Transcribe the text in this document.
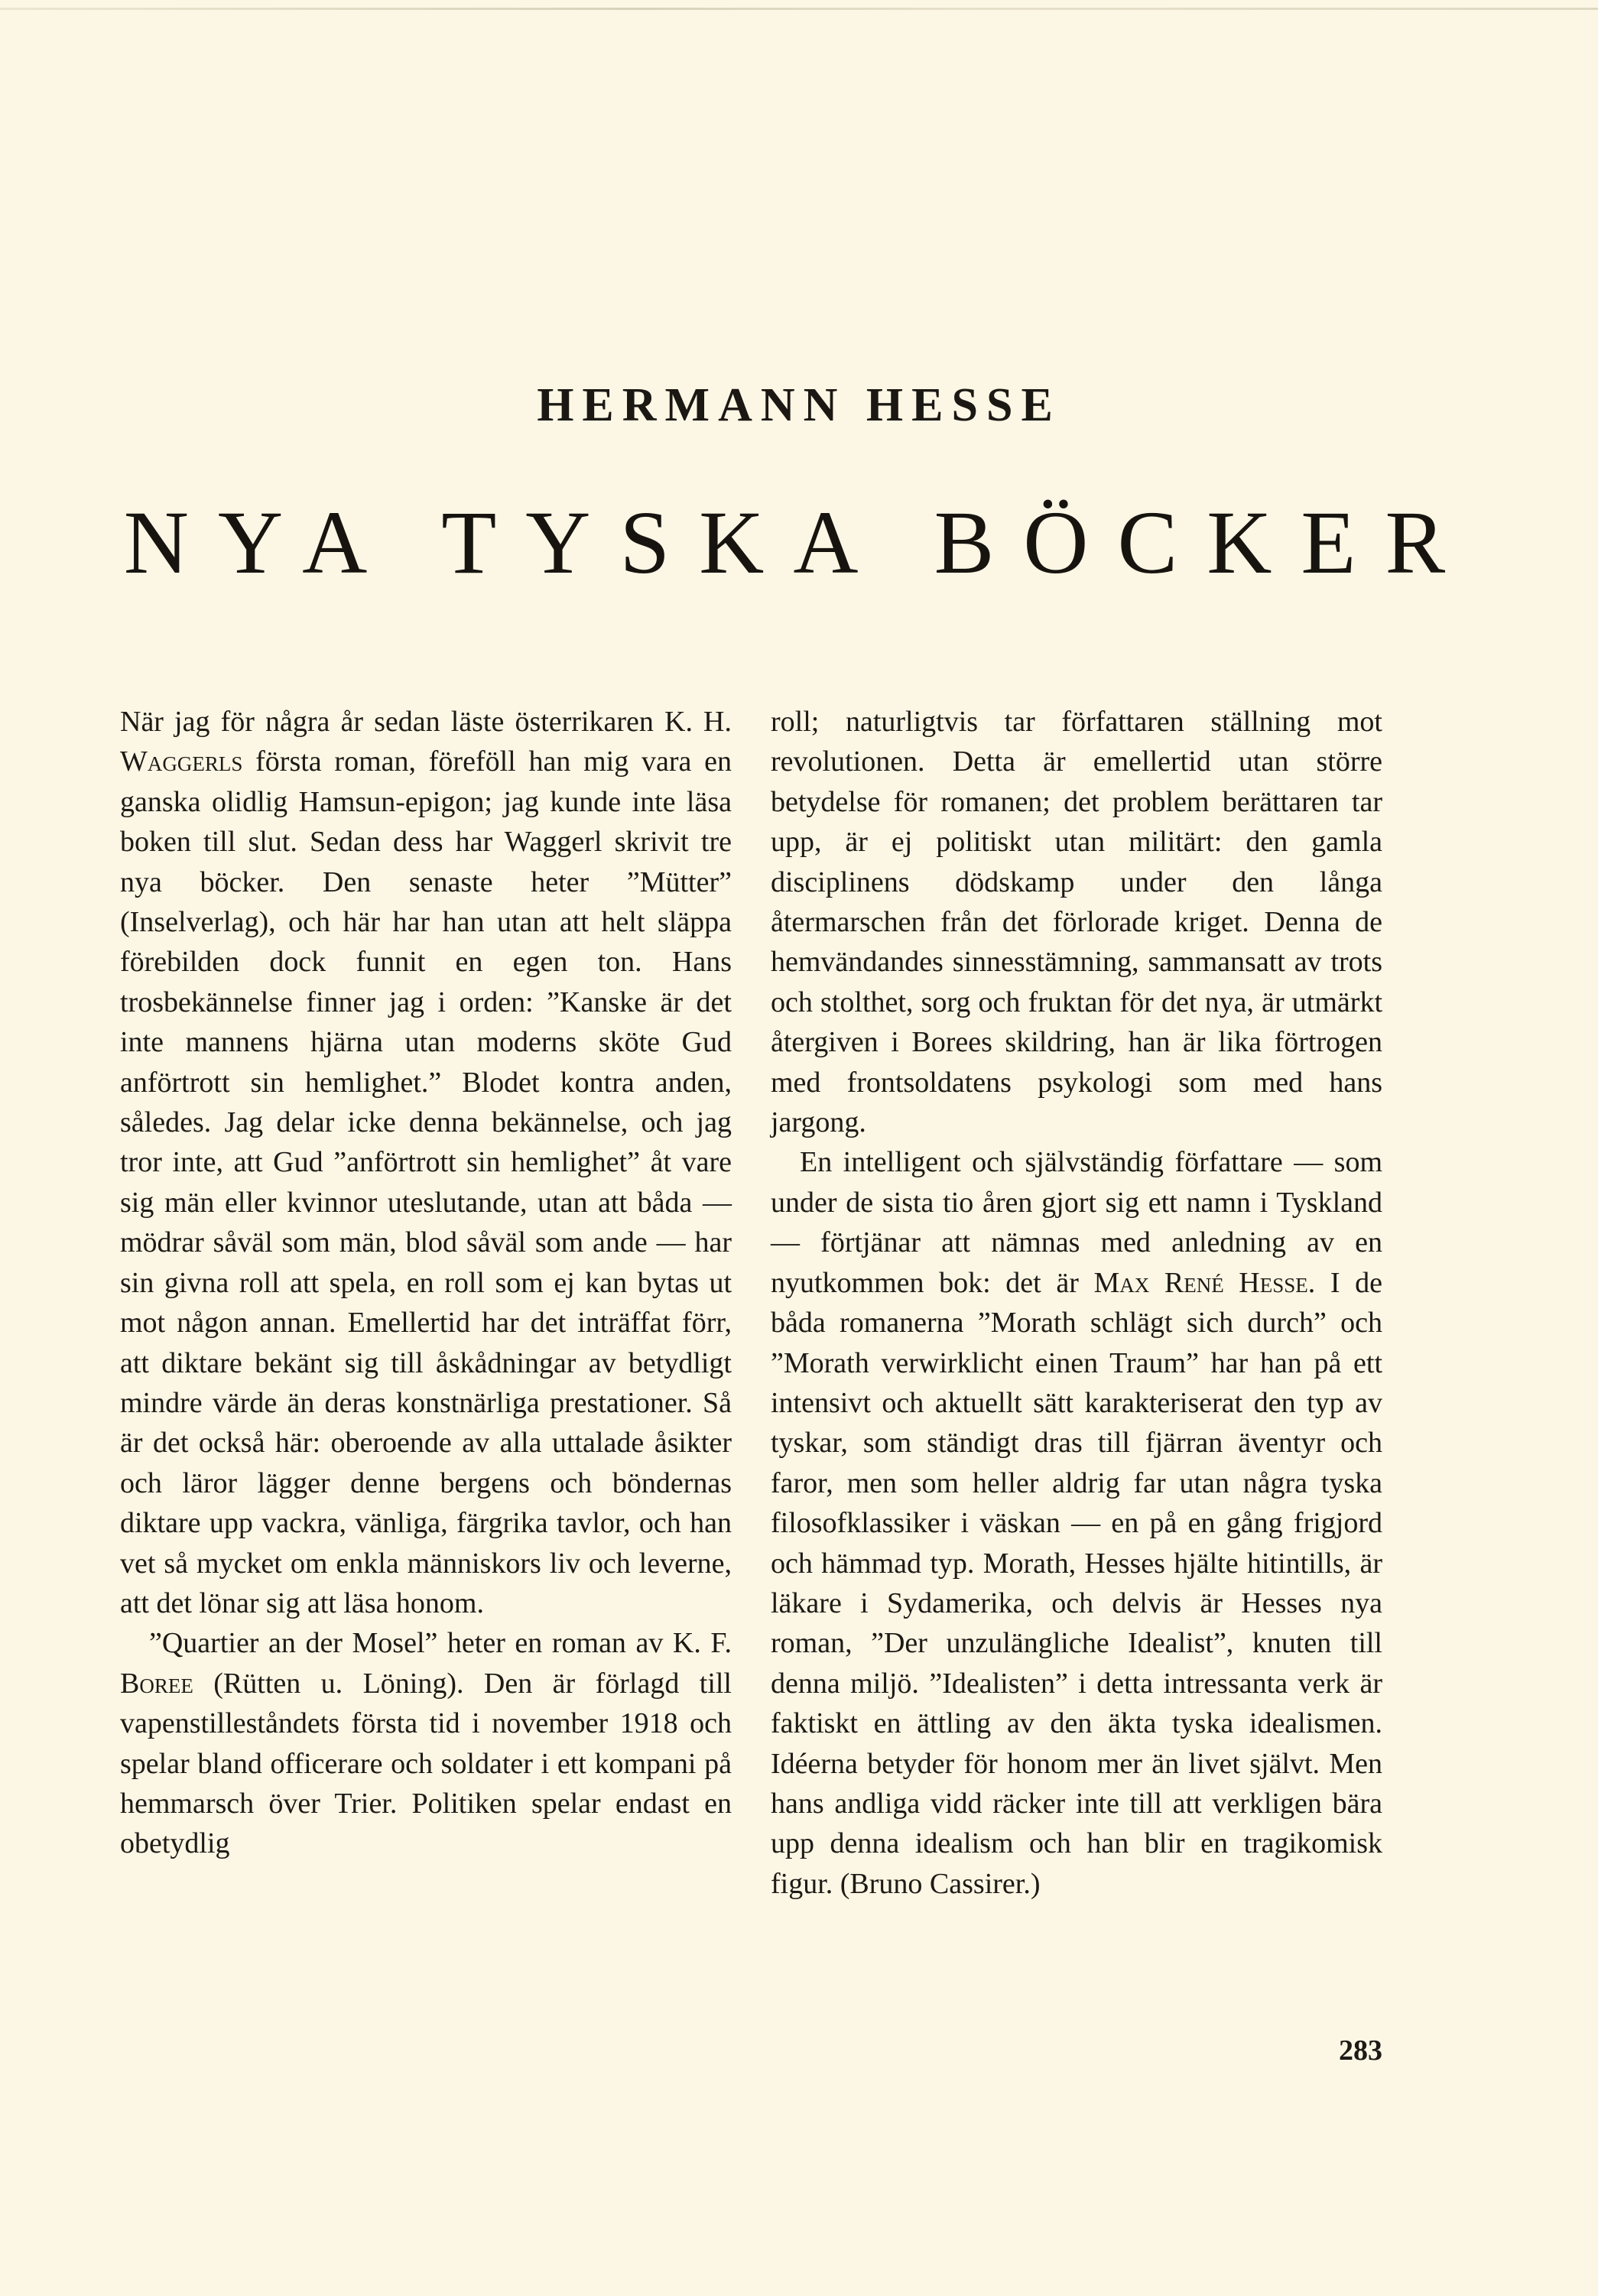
HERMANN HESSE
NYA TYSKA BÖCKER

När jag för några år sedan läste österrikaren K. H. Waggerls första roman, föreföll han mig vara en ganska olidlig Hamsun-epigon; jag kunde inte läsa boken till slut. Sedan dess har Waggerl skrivit tre nya böcker. Den senaste heter ”Mütter” (Inselverlag), och här har han utan att helt släppa förebilden dock funnit en egen ton. Hans trosbekännelse finner jag i orden: ”Kanske är det inte mannens hjärna utan moderns sköte Gud anförtrott sin hemlighet.” Blodet kontra anden, således. Jag delar icke denna bekännelse, och jag tror inte, att Gud ”anförtrott sin hemlighet” åt vare sig män eller kvinnor uteslutande, utan att båda — mödrar såväl som män, blod såväl som ande — har sin givna roll att spela, en roll som ej kan bytas ut mot någon annan. Emellertid har det inträffat förr, att diktare bekänt sig till åskådningar av betydligt mindre värde än deras konstnärliga prestationer. Så är det också här: oberoende av alla uttalade åsikter och läror lägger denne bergens och böndernas diktare upp vackra, vänliga, färgrika tavlor, och han vet så mycket om enkla människors liv och leverne, att det lönar sig att läsa honom.

”Quartier an der Mosel” heter en roman av K. F. Boree (Rütten u. Löning). Den är förlagd till vapenstilleståndets första tid i november 1918 och spelar bland officerare och soldater i ett kompani på hemmarsch över Trier. Politiken spelar endast en obetydlig

roll; naturligtvis tar författaren ställning mot revolutionen. Detta är emellertid utan större betydelse för romanen; det problem berättaren tar upp, är ej politiskt utan militärt: den gamla disciplinens dödskamp under den långa återmarschen från det förlorade kriget. Denna de hemvändandes sinnesstämning, sammansatt av trots och stolthet, sorg och fruktan för det nya, är utmärkt återgiven i Borees skildring, han är lika förtrogen med frontsoldatens psykologi som med hans jargong.

En intelligent och självständig författare — som under de sista tio åren gjort sig ett namn i Tyskland — förtjänar att nämnas med anledning av en nyutkommen bok: det är Max René Hesse. I de båda romanerna ”Morath schlägt sich durch” och ”Morath verwirklicht einen Traum” har han på ett intensivt och aktuellt sätt karakteriserat den typ av tyskar, som ständigt dras till fjärran äventyr och faror, men som heller aldrig far utan några tyska filosofklassiker i väskan — en på en gång frigjord och hämmad typ. Morath, Hesses hjälte hitintills, är läkare i Sydamerika, och delvis är Hesses nya roman, ”Der unzulängliche Idealist”, knuten till denna miljö. ”Idealisten” i detta intressanta verk är faktiskt en ättling av den äkta tyska idealismen. Idéerna betyder för honom mer än livet självt. Men hans andliga vidd räcker inte till att verkligen bära upp denna idealism och han blir en tragikomisk figur. (Bruno Cassirer.)

283
